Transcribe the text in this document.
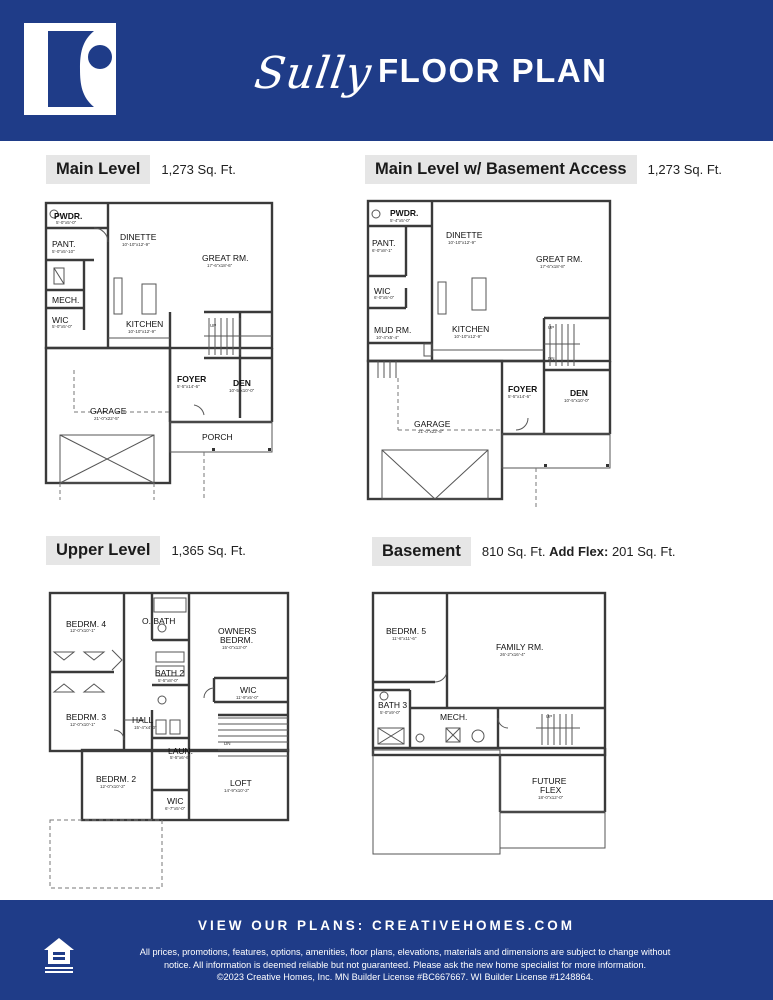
Sully FLOOR PLAN
Main Level	1,273 Sq. Ft.	Main Level w/ Basement Access	1,273 Sq. Ft.
Upper Level	1,365 Sq. Ft.	Basement	810 Sq. Ft. Add Flex: 201 Sq. Ft.
PWDR.
5'-0"x5'-0"
PANT.
5'-0"x5'-10"
MECH.
WIC
5'-0"x5'-0"
DINETTE
10'-10"x12'-9"
GREAT RM.
17'-6"x18'-6"
KITCHEN
10'-10"x12'-9"
FOYER
5'-5"x14'-6"	DEN
10'-5"x10'-0"
GARAGE
21'-0"x22'-5"
PORCH
UP
PWDR.
5'-4"x5'-0"
PANT.
6'-0"x8'-1"
WIC
6'-0"x5'-0"
MUD RM.
10'-4"x5'-4"
DINETTE
10'-10"x12'-9"
GREAT RM.
17'-6"x18'-8"
KITCHEN
10'-10"x12'-9"
FOYER
5'-5"x14'-6"	DEN
10'-5"x10'-0"
GARAGE
21'-0"x22'-5"
UP
DN
BEDRM. 4
12'-0"x10'-1"
O. BATH
OWNERS
BEDRM.
15'-0"x13'-0"
BATH 2
5'-5"x8'-0"
WIC
11'-9"x5'-0"
BEDRM. 3
12'-0"x10'-1"	HALL
15'-4"x4'-0"
LAUN.
5'-5"x6'-6"
BEDRM. 2
12'-0"x10'-2"
WIC
6'-7"x5'-0"
LOFT
14'-9"x10'-2"
DN
BEDRM. 5
11'-6"x11'-6"
FAMILY RM.
26'-2"x16'-4"
BATH 3
5'-0"x9'-0"	MECH.
FUTURE
FLEX
18'-0"x12'-0"
UP
VIEW OUR PLANS: CREATIVEHOMES.COM
All prices, promotions, features, options, amenities, floor plans, elevations, materials and dimensions are subject to change without
notice. All information is deemed reliable but not guaranteed. Please ask the new home specialist for more information.
©2023 Creative Homes, Inc. MN Builder License #BC667667. WI Builder License #1248864.
